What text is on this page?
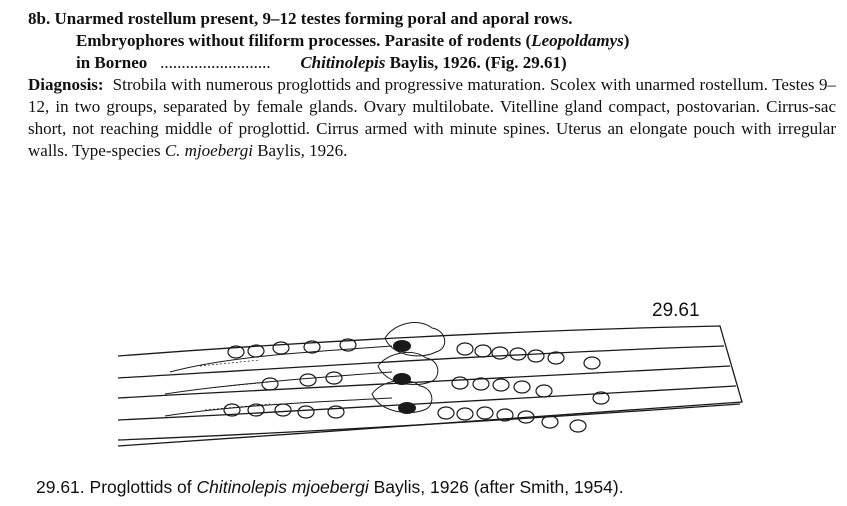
8b. Unarmed rostellum present, 9–12 testes forming poral and aporal rows.

Embryophores without filiform processes. Parasite of rodents (Leopoldamys)

in Borneo .......................... Chitinolepis Baylis, 1926. (Fig. 29.61)

Diagnosis: Strobila with numerous proglottids and progressive maturation. Scolex with unarmed rostellum. Testes 9–12, in two groups, separated by female glands. Ovary multilobate. Vitelline gland compact, postovarian. Cirrus-sac short, not reaching middle of proglottid. Cirrus armed with minute spines. Uterus an elongate pouch with irregular walls. Type-species C. mjoebergi Baylis, 1926.

29.61
29.61. Proglottids of Chitinolepis mjoebergi Baylis, 1926 (after Smith, 1954).
